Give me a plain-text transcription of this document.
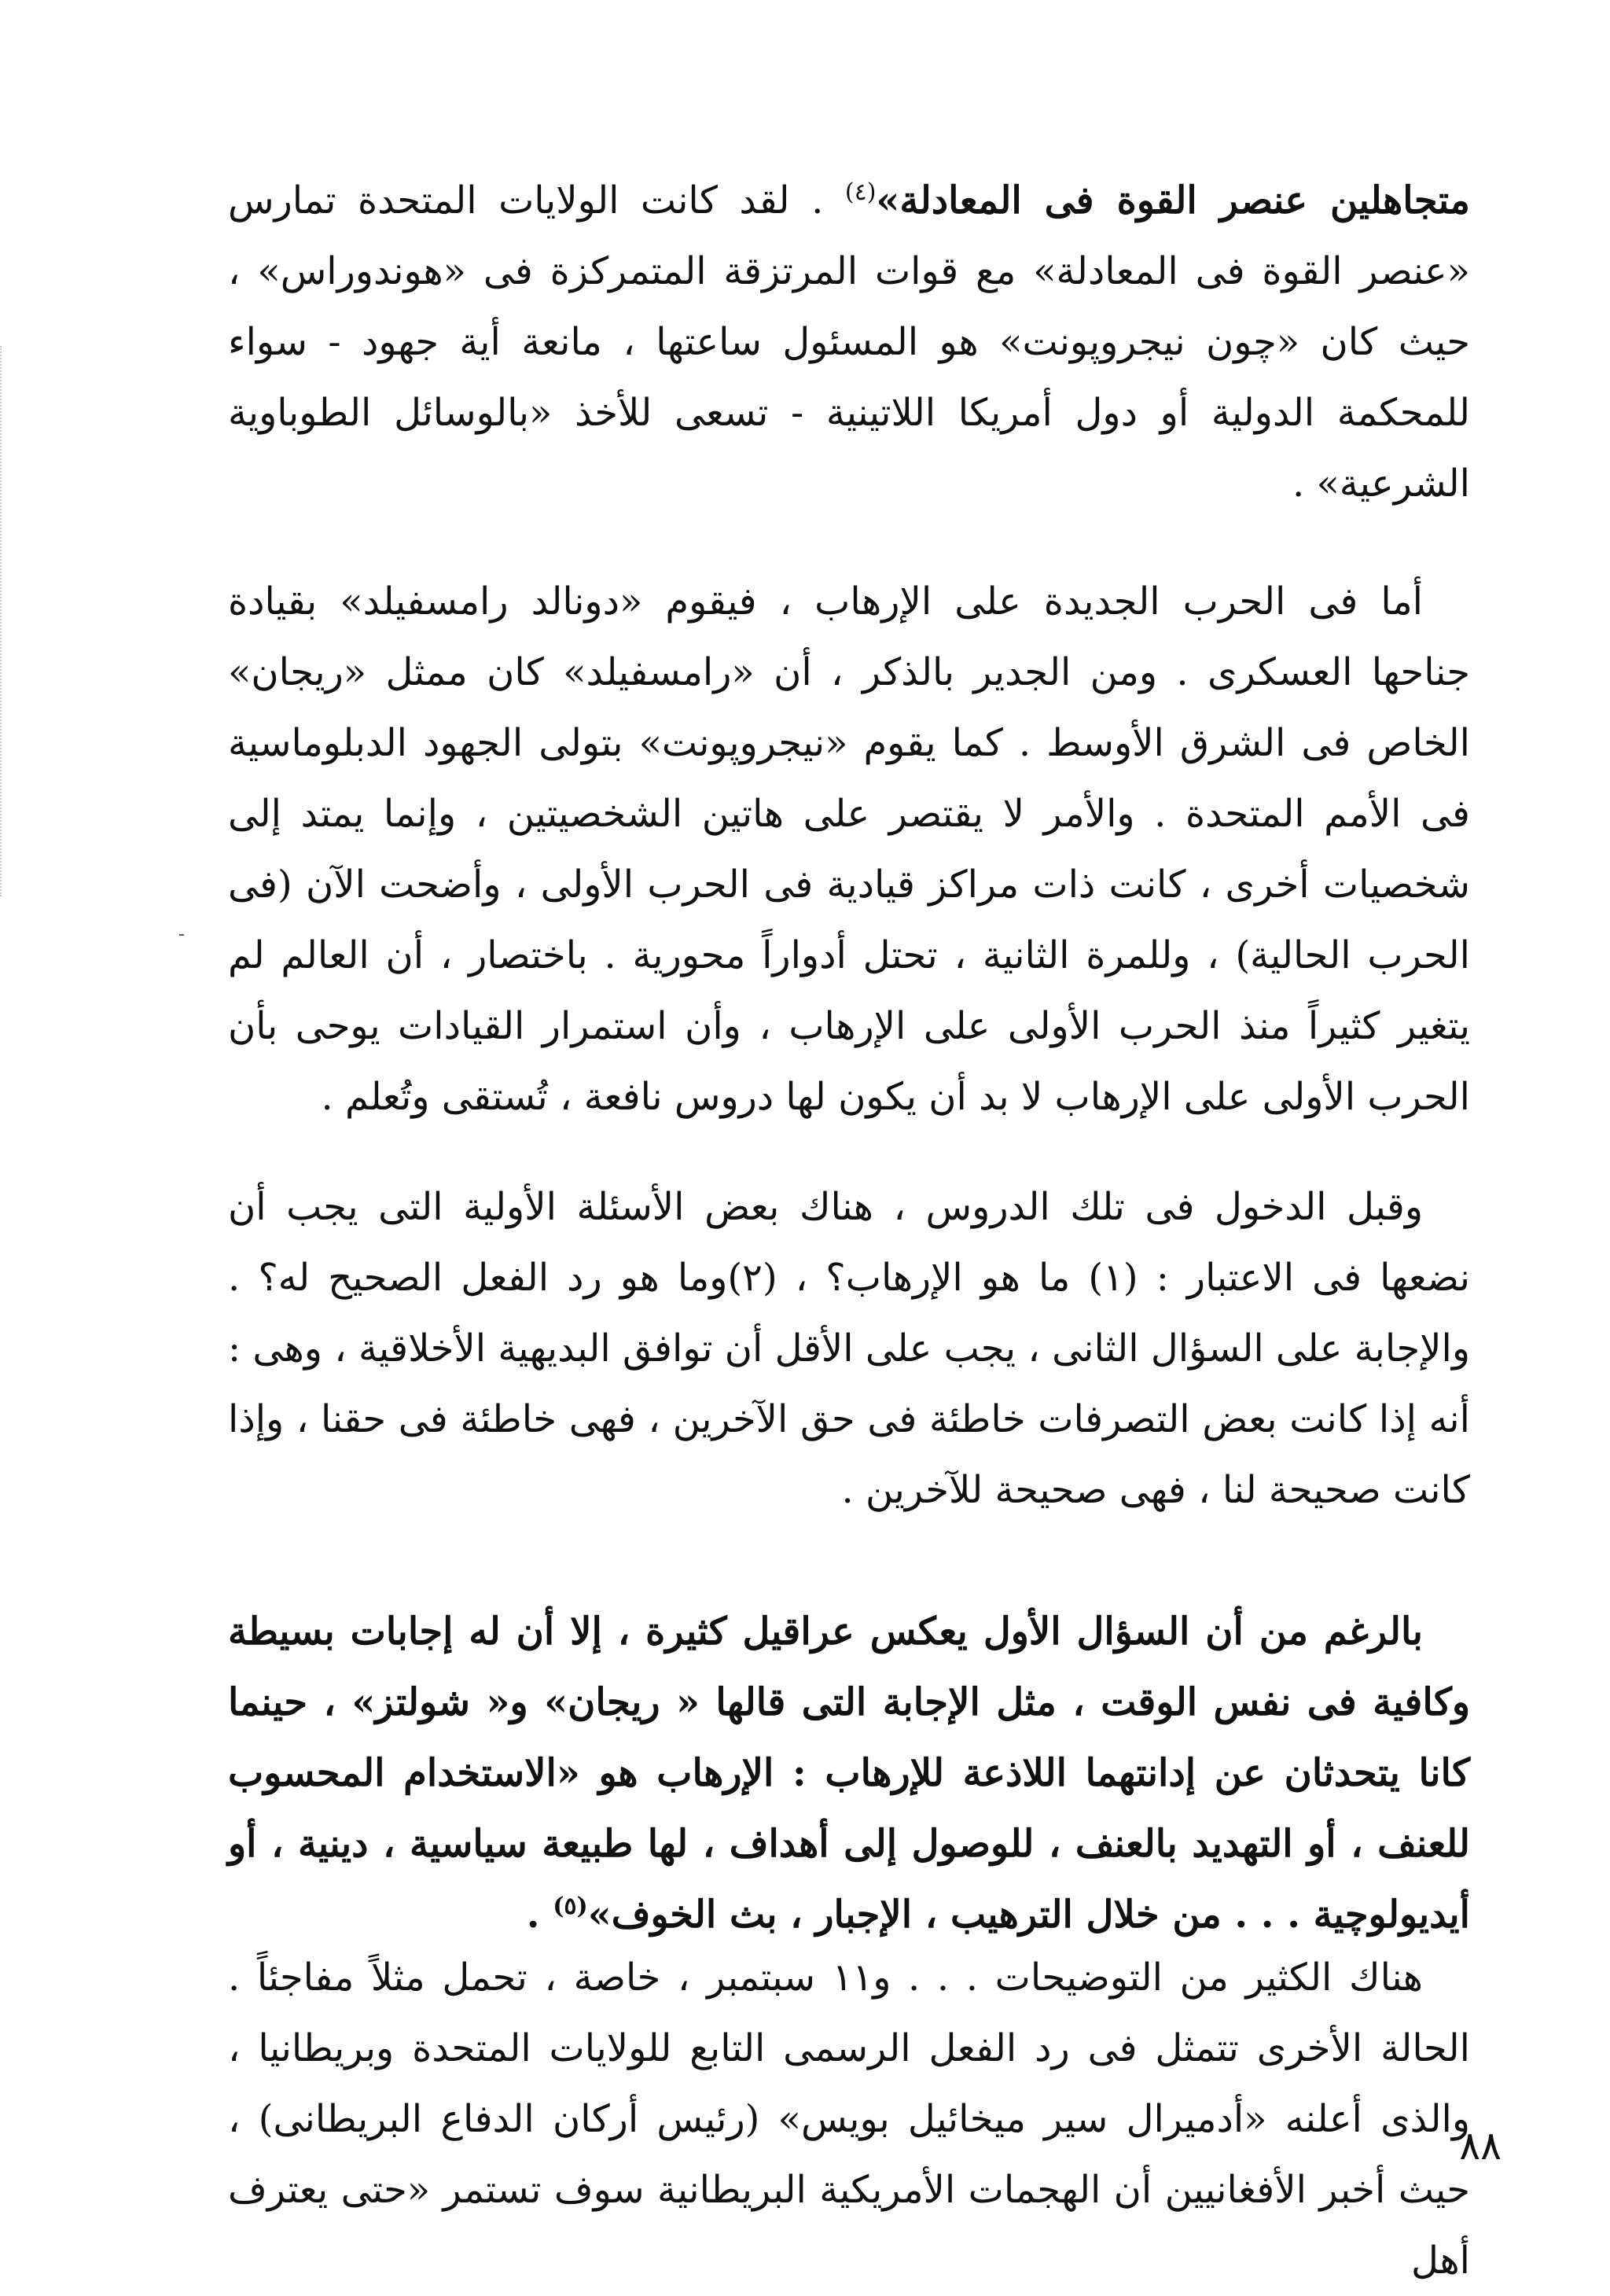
متجاهلين عنصر القوة فى المعادلة»$^{(٤)}$ . لقد كانت الولايات المتحدة تمارس «عنصر القوة فى المعادلة» مع قوات المرتزقة المتمركزة فى «هوندوراس» ، حيث كان «چون نيجروپونت» هو المسئول ساعتها ، مانعة أية جهود - سواء للمحكمة الدولية أو دول أمريكا اللاتينية - تسعى للأخذ «بالوسائل الطوباوية الشرعية» .

أما فى الحرب الجديدة على الإرهاب ، فيقوم «دونالد رامسفيلد» بقيادة جناحها العسكرى . ومن الجدير بالذكر ، أن «رامسفيلد» كان ممثل «ريجان» الخاص فى الشرق الأوسط . كما يقوم «نيجروپونت» بتولى الجهود الدبلوماسية فى الأمم المتحدة . والأمر لا يقتصر على هاتين الشخصيتين ، وإنما يمتد إلى شخصيات أخرى ، كانت ذات مراكز قيادية فى الحرب الأولى ، وأضحت الآن (فى الحرب الحالية) ، وللمرة الثانية ، تحتل أدواراً محورية . باختصار ، أن العالم لم يتغير كثيراً منذ الحرب الأولى على الإرهاب ، وأن استمرار القيادات يوحى بأن الحرب الأولى على الإرهاب لا بد أن يكون لها دروس نافعة ، تُستقى وتُعلم .

وقبل الدخول فى تلك الدروس ، هناك بعض الأسئلة الأولية التى يجب أن نضعها فى الاعتبار : (١) ما هو الإرهاب؟ ، (٢)وما هو رد الفعل الصحيح له؟ . والإجابة على السؤال الثانى ، يجب على الأقل أن توافق البديهية الأخلاقية ، وهى : أنه إذا كانت بعض التصرفات خاطئة فى حق الآخرين ، فهى خاطئة فى حقنا ، وإذا كانت صحيحة لنا ، فهى صحيحة للآخرين .

بالرغم من أن السؤال الأول يعكس عراقيل كثيرة ، إلا أن له إجابات بسيطة وكافية فى نفس الوقت ، مثل الإجابة التى قالها « ريجان» و« شولتز» ، حينما كانا يتحدثان عن إدانتهما اللاذعة للإرهاب : الإرهاب هو «الاستخدام المحسوب للعنف ، أو التهديد بالعنف ، للوصول إلى أهداف ، لها طبيعة سياسية ، دينية ، أو أيديولوچية . . . من خلال الترهيب ، الإجبار ، بث الخوف»$^{(٥)}$ .

هناك الكثير من التوضيحات . . . و١١ سبتمبر ، خاصة ، تحمل مثلاً مفاجئاً . الحالة الأخرى تتمثل فى رد الفعل الرسمى التابع للولايات المتحدة وبريطانيا ، والذى أعلنه «أدميرال سير ميخائيل بويس» (رئيس أركان الدفاع البريطانى) ، حيث أخبر الأفغانيين أن الهجمات الأمريكية البريطانية سوف تستمر «حتى يعترف أهل

٨٨
